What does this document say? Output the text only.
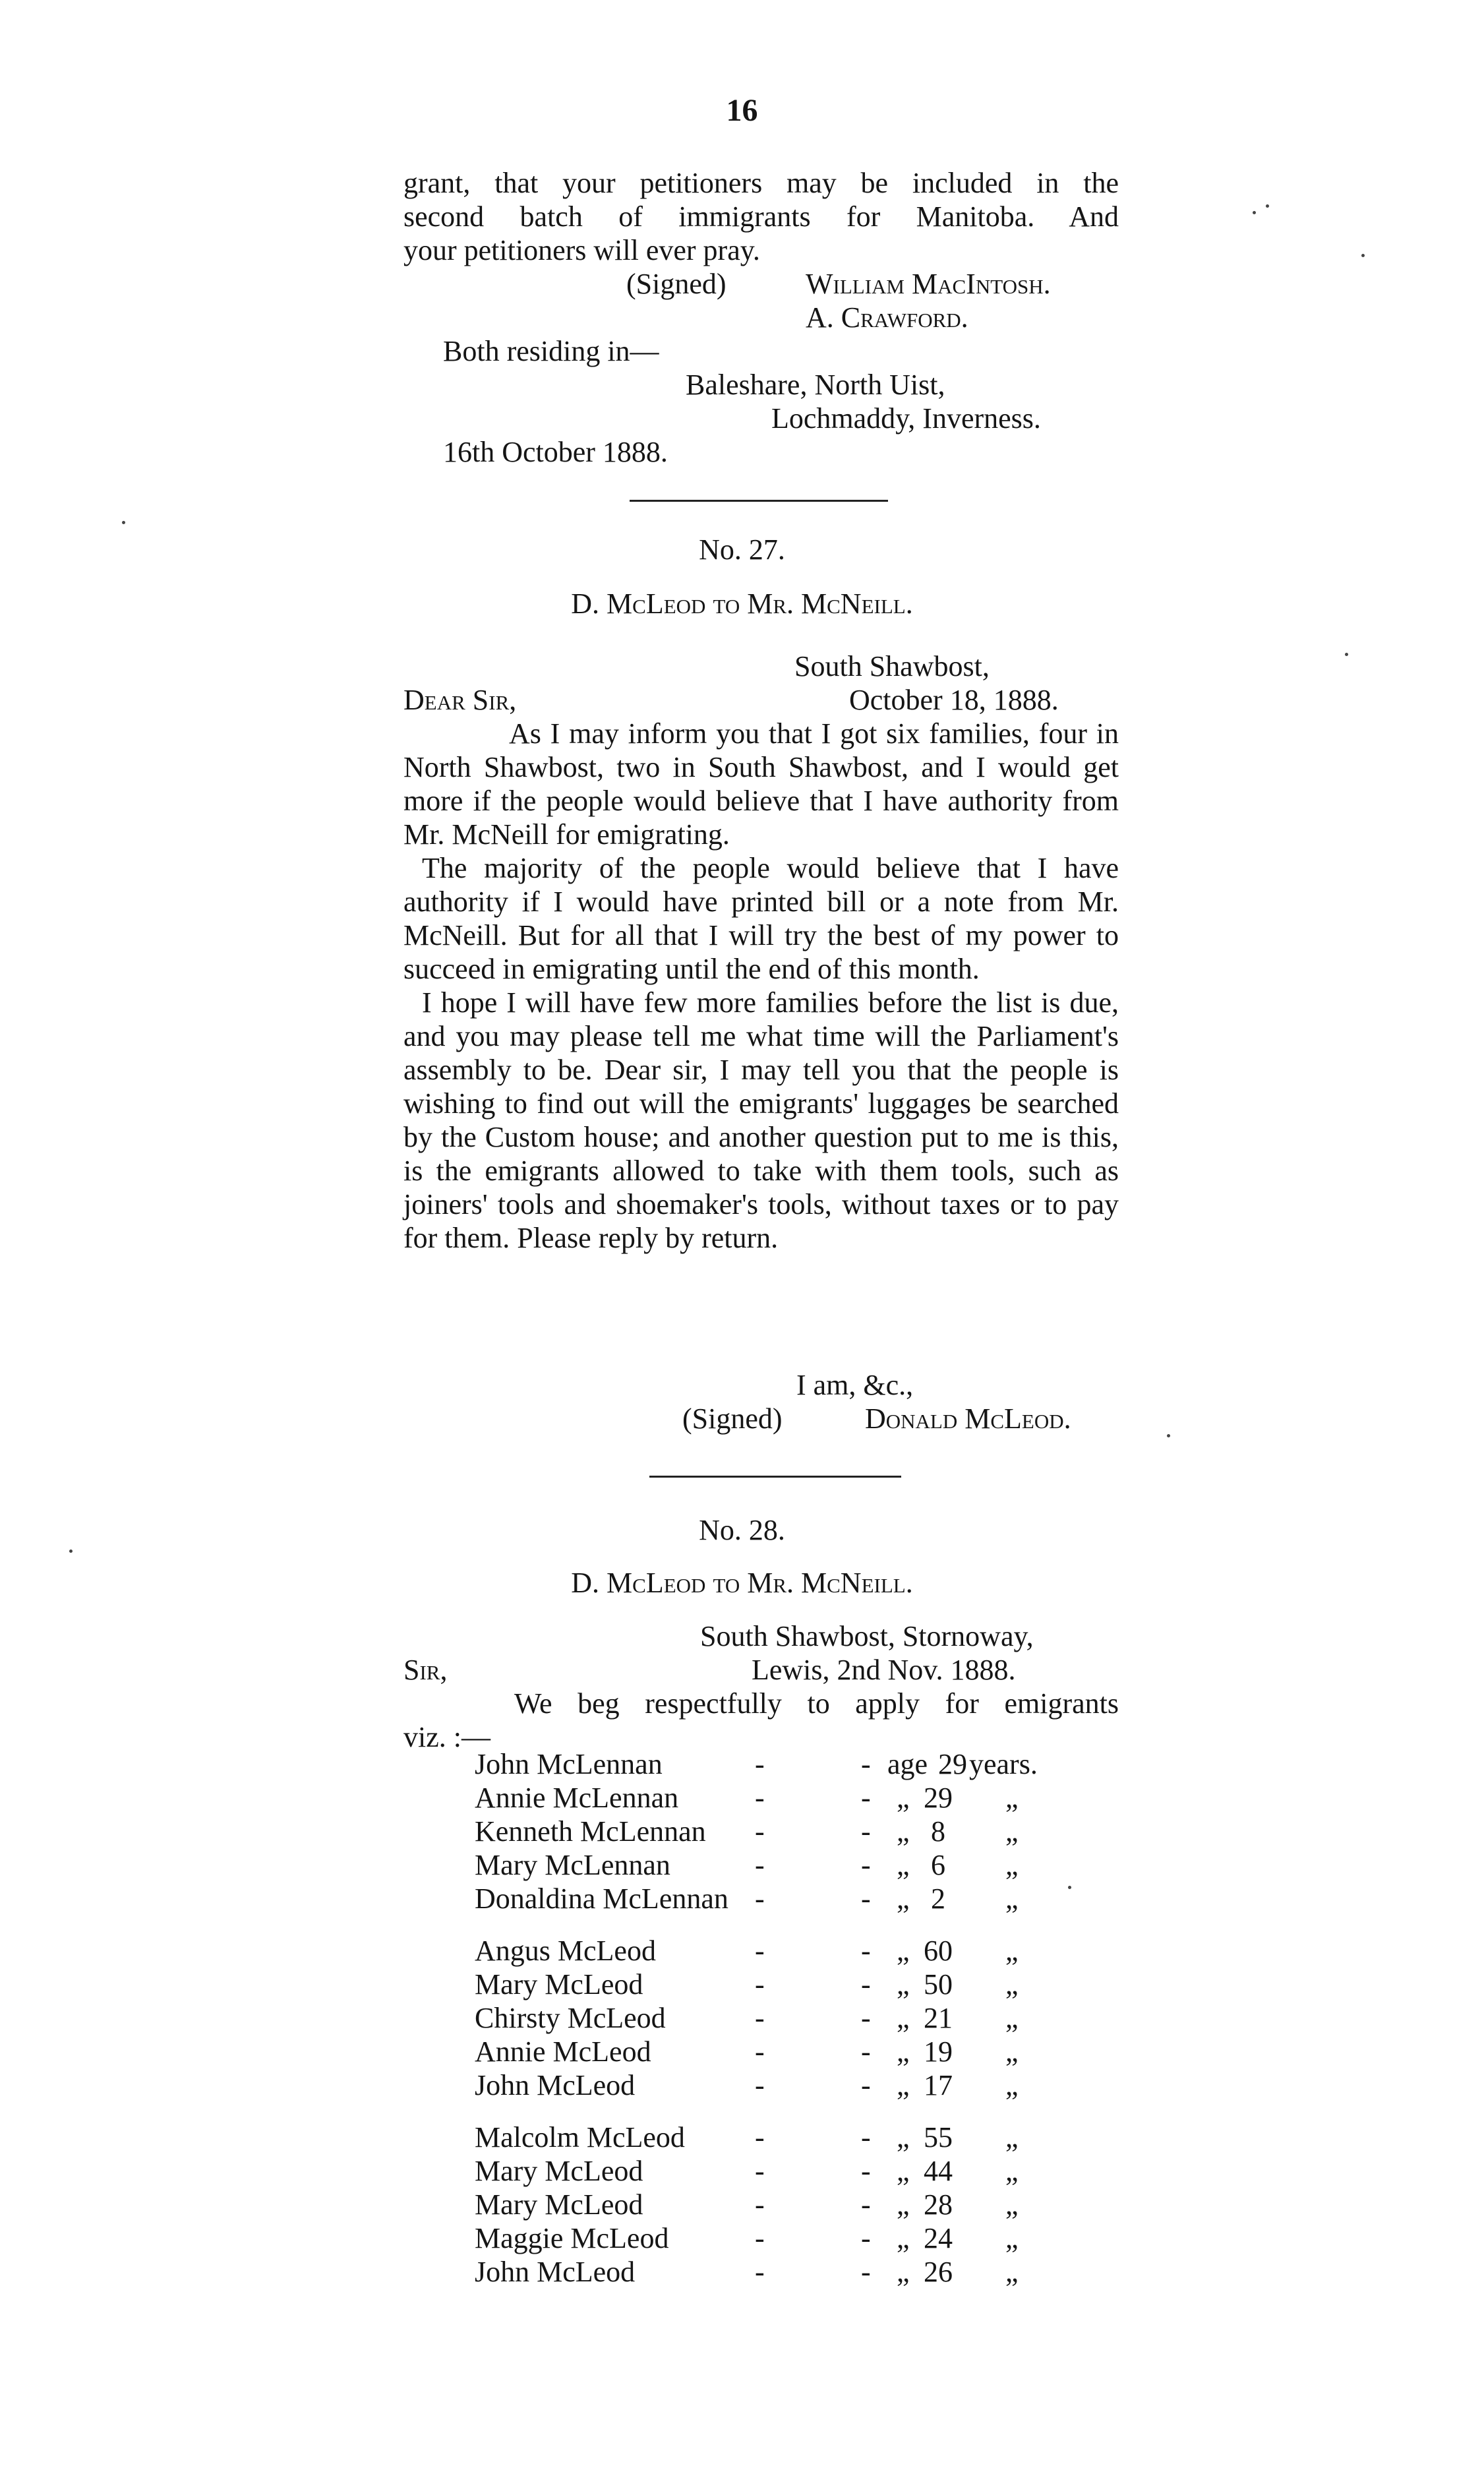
16
grant, that your petitioners may be included in the
second batch of immigrants for Manitoba. And
your petitioners will ever pray.
(Signed)	William MacIntosh.
A. Crawford.
Both residing in—
Baleshare, North Uist,
Lochmaddy, Inverness.
16th October 1888.
No. 27.
D. McLeod to Mr. McNeill.
South Shawbost,
Dear Sir,	October 18, 1888.
As I may inform you that I got six families, four in North Shawbost, two in South Shawbost, and I would get more if the people would believe that I have authority from Mr. McNeill for emigrating.
The majority of the people would believe that I have authority if I would have printed bill or a note from Mr. McNeill. But for all that I will try the best of my power to succeed in emigrating until the end of this month.
I hope I will have few more families before the list is due, and you may please tell me what time will the Parliament's assembly to be. Dear sir, I may tell you that the people is wishing to find out will the emigrants' luggages be searched by the Custom house; and another question put to me is this, is the emigrants allowed to take with them tools, such as joiners' tools and shoemaker's tools, without taxes or to pay for them. Please reply by return.
I am, &c.,
(Signed)	Donald McLeod.
No. 28.
D. McLeod to Mr. McNeill.
South Shawbost, Stornoway,
Sir,	Lewis, 2nd Nov. 1888.
We beg respectfully to apply for emigrants
viz. :—
John McLennan	-	- age 29 years.
Annie McLennan	-	- „ 29 „
Kenneth McLennan -	- „ 8	„
Mary McLennan	-	- „ 6	„
Donaldina McLennan -	- „ 2	„
Angus McLeod	-	- „ 60 „
Mary McLeod	-	- „ 50 „
Chirsty McLeod	-	- „ 21 „
Annie McLeod	-	- „ 19 „
John McLeod	-	- „ 17 „
Malcolm McLeod -	- „ 55 „
Mary McLeod	-	- „ 44 „
Mary McLeod	-	- „ 28 „
Maggie McLeod	-	- „ 24 „
John McLeod	-	- „ 26 „
